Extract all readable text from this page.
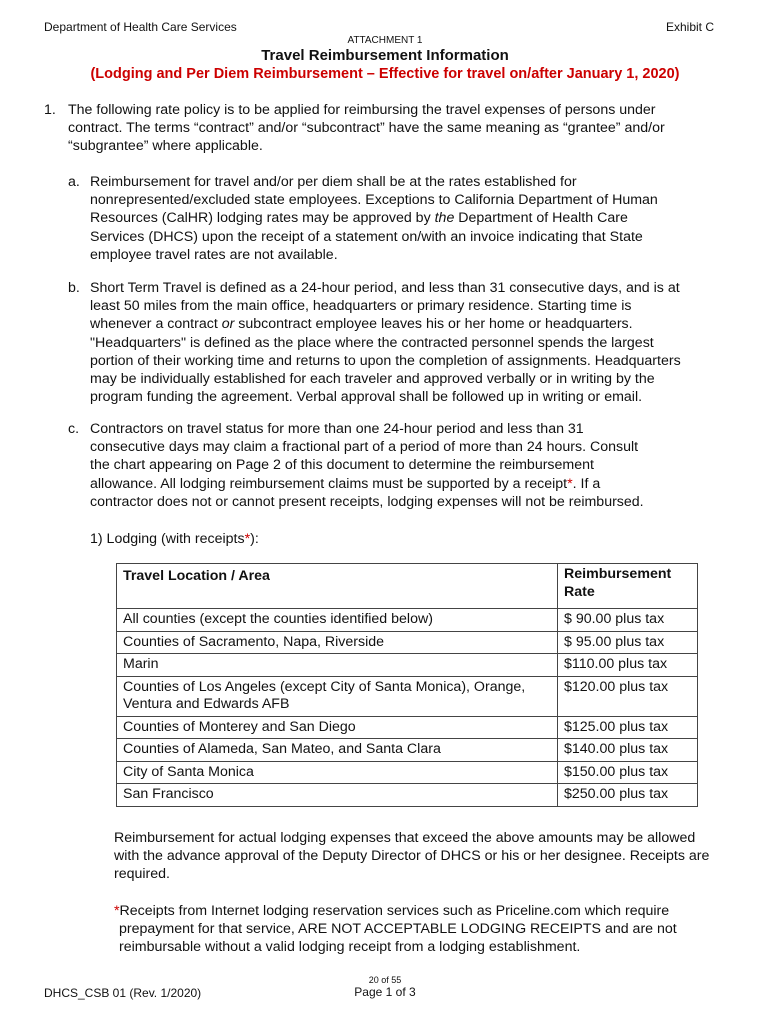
Department of Health Care Services	Exhibit C
ATTACHMENT 1
Travel Reimbursement Information
(Lodging and Per Diem Reimbursement – Effective for travel on/after January 1, 2020)
1. The following rate policy is to be applied for reimbursing the travel expenses of persons under
contract. The terms “contract” and/or “subcontract” have the same meaning as “grantee” and/or
“subgrantee” where applicable.
a. Reimbursement for travel and/or per diem shall be at the rates established for
nonrepresented/excluded state employees. Exceptions to California Department of Human
Resources (CalHR) lodging rates may be approved by the Department of Health Care
Services (DHCS) upon the receipt of a statement on/with an invoice indicating that State
employee travel rates are not available.
b. Short Term Travel is defined as a 24-hour period, and less than 31 consecutive days, and is at
least 50 miles from the main office, headquarters or primary residence. Starting time is
whenever a contract or subcontract employee leaves his or her home or headquarters.
"Headquarters" is defined as the place where the contracted personnel spends the largest
portion of their working time and returns to upon the completion of assignments. Headquarters
may be individually established for each traveler and approved verbally or in writing by the
program funding the agreement. Verbal approval shall be followed up in writing or email.
c. Contractors on travel status for more than one 24-hour period and less than 31
consecutive days may claim a fractional part of a period of more than 24 hours. Consult
the chart appearing on Page 2 of this document to determine the reimbursement
allowance. All lodging reimbursement claims must be supported by a receipt*. If a
contractor does not or cannot present receipts, lodging expenses will not be reimbursed.
1) Lodging (with receipts*):
Travel Location / Area	Reimbursement Rate
All counties (except the counties identified below)	$ 90.00 plus tax
Counties of Sacramento, Napa, Riverside	$ 95.00 plus tax
Marin	$110.00 plus tax
Counties of Los Angeles (except City of Santa Monica), Orange, Ventura and Edwards AFB	$120.00 plus tax
Counties of Monterey and San Diego	$125.00 plus tax
Counties of Alameda, San Mateo, and Santa Clara	$140.00 plus tax
City of Santa Monica	$150.00 plus tax
San Francisco	$250.00 plus tax
Reimbursement for actual lodging expenses that exceed the above amounts may be allowed with the advance approval of the Deputy Director of DHCS or his or her designee. Receipts are required.
*Receipts from Internet lodging reservation services such as Priceline.com which require
prepayment for that service, ARE NOT ACCEPTABLE LODGING RECEIPTS and are not
reimbursable without a valid lodging receipt from a lodging establishment.
DHCS_CSB 01 (Rev. 1/2020)
20 of 55
Page 1 of 3
